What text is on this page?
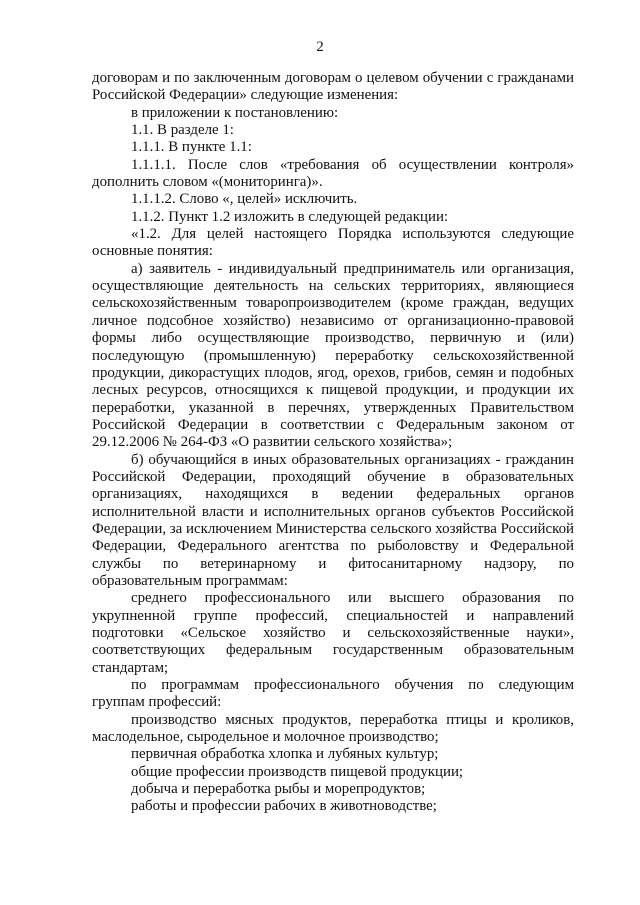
2

договорам и по заключенным договорам о целевом обучении с гражданами Российской Федерации» следующие изменения:

в приложении к постановлению:

1.1. В разделе 1:

1.1.1. В пункте 1.1:

1.1.1.1. После слов «требования об осуществлении контроля» дополнить словом «(мониторинга)».

1.1.1.2. Слово «, целей» исключить.

1.1.2. Пункт 1.2 изложить в следующей редакции:

«1.2. Для целей настоящего Порядка используются следующие основные понятия:

а) заявитель - индивидуальный предприниматель или организация, осуществляющие деятельность на сельских территориях, являющиеся сельскохозяйственным товаропроизводителем (кроме граждан, ведущих личное подсобное хозяйство) независимо от организационно-правовой формы либо осуществляющие производство, первичную и (или) последующую (промышленную) переработку сельскохозяйственной продукции, дикорастущих плодов, ягод, орехов, грибов, семян и подобных лесных ресурсов, относящихся к пищевой продукции, и продукции их переработки, указанной в перечнях, утвержденных Правительством Российской Федерации в соответствии с Федеральным законом от 29.12.2006 № 264-ФЗ «О развитии сельского хозяйства»;

б) обучающийся в иных образовательных организациях - гражданин Российской Федерации, проходящий обучение в образовательных организациях, находящихся в ведении федеральных органов исполнительной власти и исполнительных органов субъектов Российской Федерации, за исключением Министерства сельского хозяйства Российской Федерации, Федерального агентства по рыболовству и Федеральной службы по ветеринарному и фитосанитарному надзору, по образовательным программам:

среднего профессионального или высшего образования по укрупненной группе профессий, специальностей и направлений подготовки «Сельское хозяйство и сельскохозяйственные науки», соответствующих федеральным государственным образовательным стандартам;

по программам профессионального обучения по следующим группам профессий:

производство мясных продуктов, переработка птицы и кроликов, маслодельное, сыродельное и молочное производство;

первичная обработка хлопка и лубяных культур;

общие профессии производств пищевой продукции;

добыча и переработка рыбы и морепродуктов;

работы и профессии рабочих в животноводстве;
